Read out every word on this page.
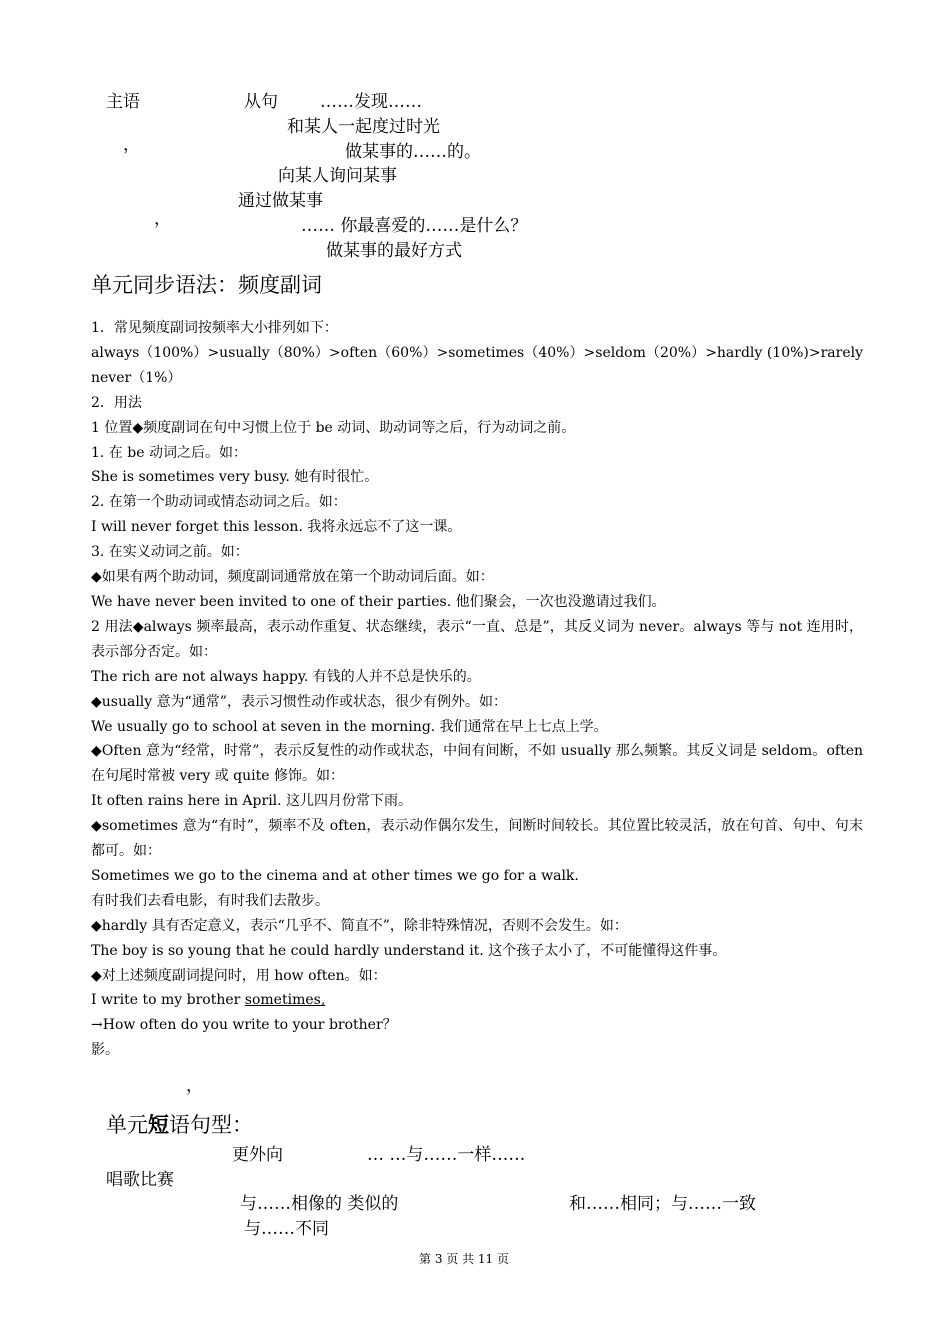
主语	从句 ……发现……
和某人一起度过时光
，	做某事的……的。
向某人询问某事
通过做某事
，	…… 你最喜爱的……是什么？
做某事的最好方式
单元同步语法：频度副词
1．常见频度副词按频率大小排列如下：
always（100%）>usually（80%）>often（60%）>sometimes（40%）>seldom（20%）>hardly (10%)>rarely never（1%）
2．用法
1 位置◆频度副词在句中习惯上位于 be 动词、助动词等之后，行为动词之前。
1. 在 be 动词之后。如：
She is sometimes very busy. 她有时很忙。
2. 在第一个助动词或情态动词之后。如：
I will never forget this lesson. 我将永远忘不了这一课。
3. 在实义动词之前。如：
◆如果有两个助动词，频度副词通常放在第一个助动词后面。如：
We have never been invited to one of their parties. 他们聚会，一次也没邀请过我们。
2 用法◆always 频率最高，表示动作重复、状态继续，表示“一直、总是”，其反义词为 never。always 等与 not 连用时，表示部分否定。如：
The rich are not always happy. 有钱的人并不总是快乐的。
◆usually 意为“通常”，表示习惯性动作或状态，很少有例外。如：
We usually go to school at seven in the morning. 我们通常在早上七点上学。
◆Often 意为“经常，时常”，表示反复性的动作或状态，中间有间断，不如 usually 那么频繁。其反义词是 seldom。often 在句尾时常被 very 或 quite 修饰。如：
It often rains here in April. 这儿四月份常下雨。
◆sometimes 意为“有时”，频率不及 often，表示动作偶尔发生，间断时间较长。其位置比较灵活，放在句首、句中、句末都可。如：
Sometimes we go to the cinema and at other times we go for a walk.
有时我们去看电影，有时我们去散步。
◆hardly 具有否定意义，表示“几乎不、简直不”，除非特殊情况，否则不会发生。如：
The boy is so young that he could hardly understand it. 这个孩子太小了，不可能懂得这件事。
◆对上述频度副词提问时，用 how often。如：
I write to my brother sometimes,
→How often do you write to your brother？
影。
，
单元短语句型：
更外向	… …与……一样……
唱歌比赛
与……相像的 类似的	和……相同；与……一致
与……不同
第 3 页 共 11 页
